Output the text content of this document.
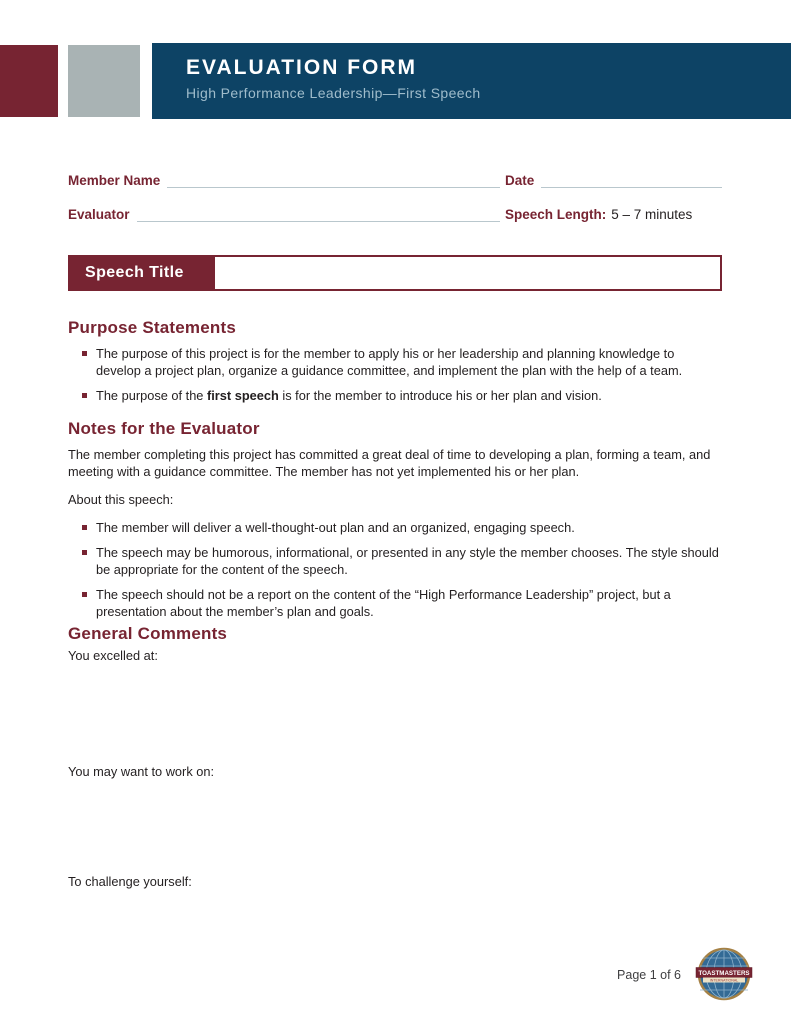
EVALUATION FORM
High Performance Leadership—First Speech
Member Name	Date
Evaluator	Speech Length: 5 – 7 minutes
Speech Title
Purpose Statements
The purpose of this project is for the member to apply his or her leadership and planning knowledge to develop a project plan, organize a guidance committee, and implement the plan with the help of a team.
The purpose of the first speech is for the member to introduce his or her plan and vision.
Notes for the Evaluator
The member completing this project has committed a great deal of time to developing a plan, forming a team, and meeting with a guidance committee. The member has not yet implemented his or her plan.
About this speech:
The member will deliver a well-thought-out plan and an organized, engaging speech.
The speech may be humorous, informational, or presented in any style the member chooses. The style should be appropriate for the content of the speech.
The speech should not be a report on the content of the “High Performance Leadership” project, but a presentation about the member’s plan and goals.
General Comments
You excelled at:
You may want to work on:
To challenge yourself:
Page 1 of 6	TOASTMASTERS
INTERNATIONAL
